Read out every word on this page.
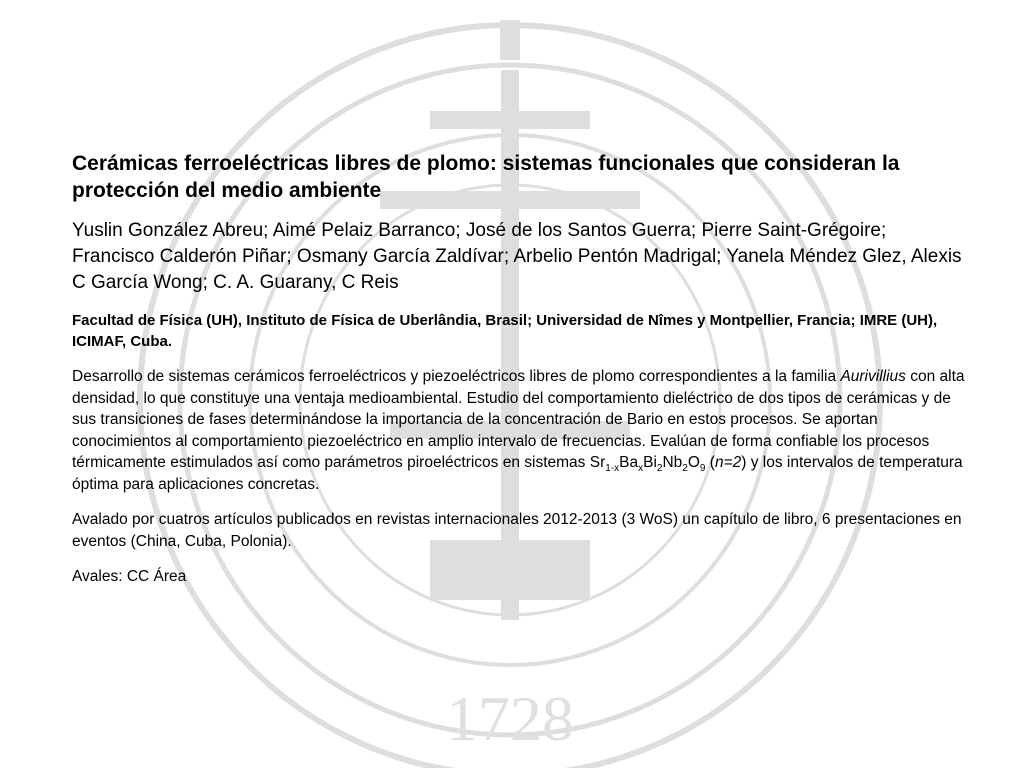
1728
Cerámicas ferroeléctricas libres de plomo: sistemas funcionales que consideran la protección del medio ambiente

Yuslin González Abreu; Aimé Pelaiz Barranco; José de los Santos Guerra; Pierre Saint-Grégoire; Francisco Calderón Piñar; Osmany García Zaldívar; Arbelio Pentón Madrigal; Yanela Méndez Glez, Alexis C García Wong; C. A. Guarany, C Reis

Facultad de Física (UH), Instituto de Física de Uberlândia, Brasil; Universidad de Nîmes y Montpellier, Francia; IMRE (UH), ICIMAF, Cuba.

Desarrollo de sistemas cerámicos ferroeléctricos y piezoeléctricos libres de plomo correspondientes a la familia Aurivillius con alta densidad, lo que constituye una ventaja medioambiental. Estudio del comportamiento dieléctrico de dos tipos de cerámicas y de sus transiciones de fases determinándose la importancia de la concentración de Bario en estos procesos. Se aportan conocimientos al comportamiento piezoeléctrico en amplio intervalo de frecuencias. Evalúan de forma confiable los procesos térmicamente estimulados así como parámetros piroeléctricos en sistemas $Sr_{1-x}Ba_xBi_2Nb_2O_9$ (n=2) y los intervalos de temperatura óptima para aplicaciones concretas.

Avalado por cuatros artículos publicados en revistas internacionales 2012-2013 (3 WoS) un capítulo de libro, 6 presentaciones en eventos (China, Cuba, Polonia).

Avales: CC Área
